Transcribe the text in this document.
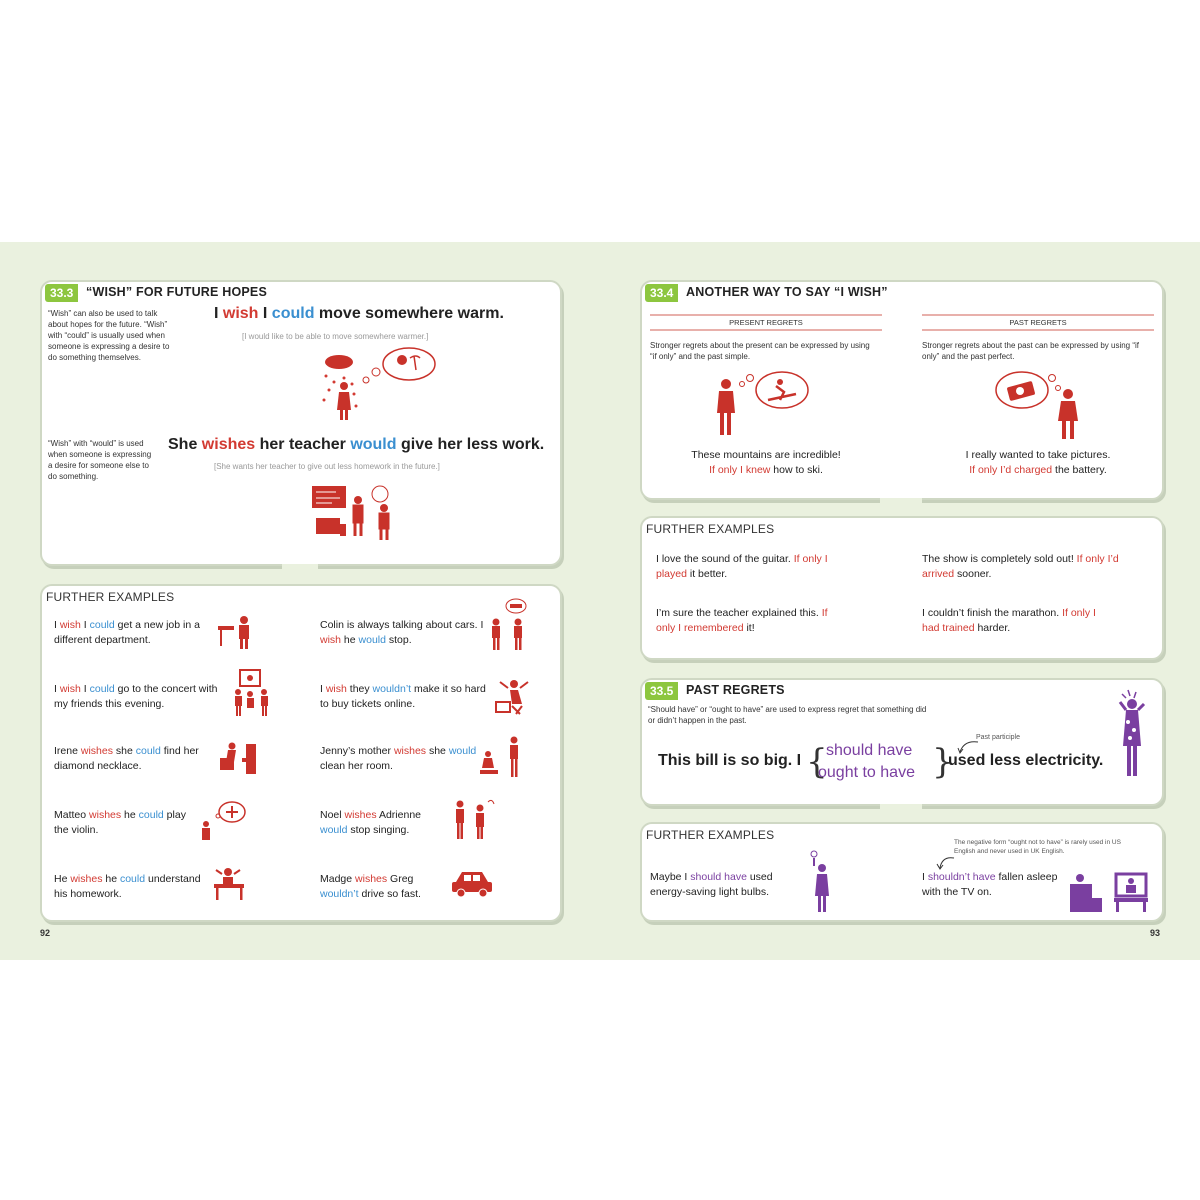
33.3	“WISH” FOR FUTURE HOPES
“Wish” can also be used to talk about hopes for the future. “Wish” with “could” is usually used when someone is expressing a desire to do something themselves.
I wish I could move somewhere warm.
[I would like to be able to move somewhere warmer.]
“Wish” with “would” is used when someone is expressing a desire for someone else to do something.
She wishes her teacher would give her less work.
[She wants her teacher to give out less homework in the future.]
FURTHER EXAMPLES
I wish I could get a new job in a different department.
Colin is always talking about cars. I wish he would stop.
I wish I could go to the concert with my friends this evening.
I wish they wouldn’t make it so hard to buy tickets online.
Irene wishes she could find her diamond necklace.
Jenny’s mother wishes she would clean her room.
Matteo wishes he could play the violin.
Noel wishes Adrienne would stop singing.
He wishes he could understand his homework.
Madge wishes Greg wouldn’t drive so fast.
92
33.4	ANOTHER WAY TO SAY “I WISH”
PRESENT REGRETS
Stronger regrets about the present can be expressed by using “if only” and the past simple.
These mountains are incredible!
If only I knew how to ski.
PAST REGRETS
Stronger regrets about the past can be expressed by using “if only” and the past perfect.
I really wanted to take pictures.
If only I’d charged the battery.
FURTHER EXAMPLES
I love the sound of the guitar. If only I played it better.
The show is completely sold out! If only I’d arrived sooner.
I’m sure the teacher explained this. If only I remembered it!
I couldn’t finish the marathon. If only I had trained harder.
33.5	PAST REGRETS
“Should have” or “ought to have” are used to express regret that something did or didn’t happen in the past.
This bill is so big. I {
should have
ought to have }
Past participle
used less electricity.
FURTHER EXAMPLES
Maybe I should have used energy-saving light bulbs.
The negative form “ought not to have” is rarely used in US English and never used in UK English.
I shouldn’t have fallen asleep with the TV on.
93
